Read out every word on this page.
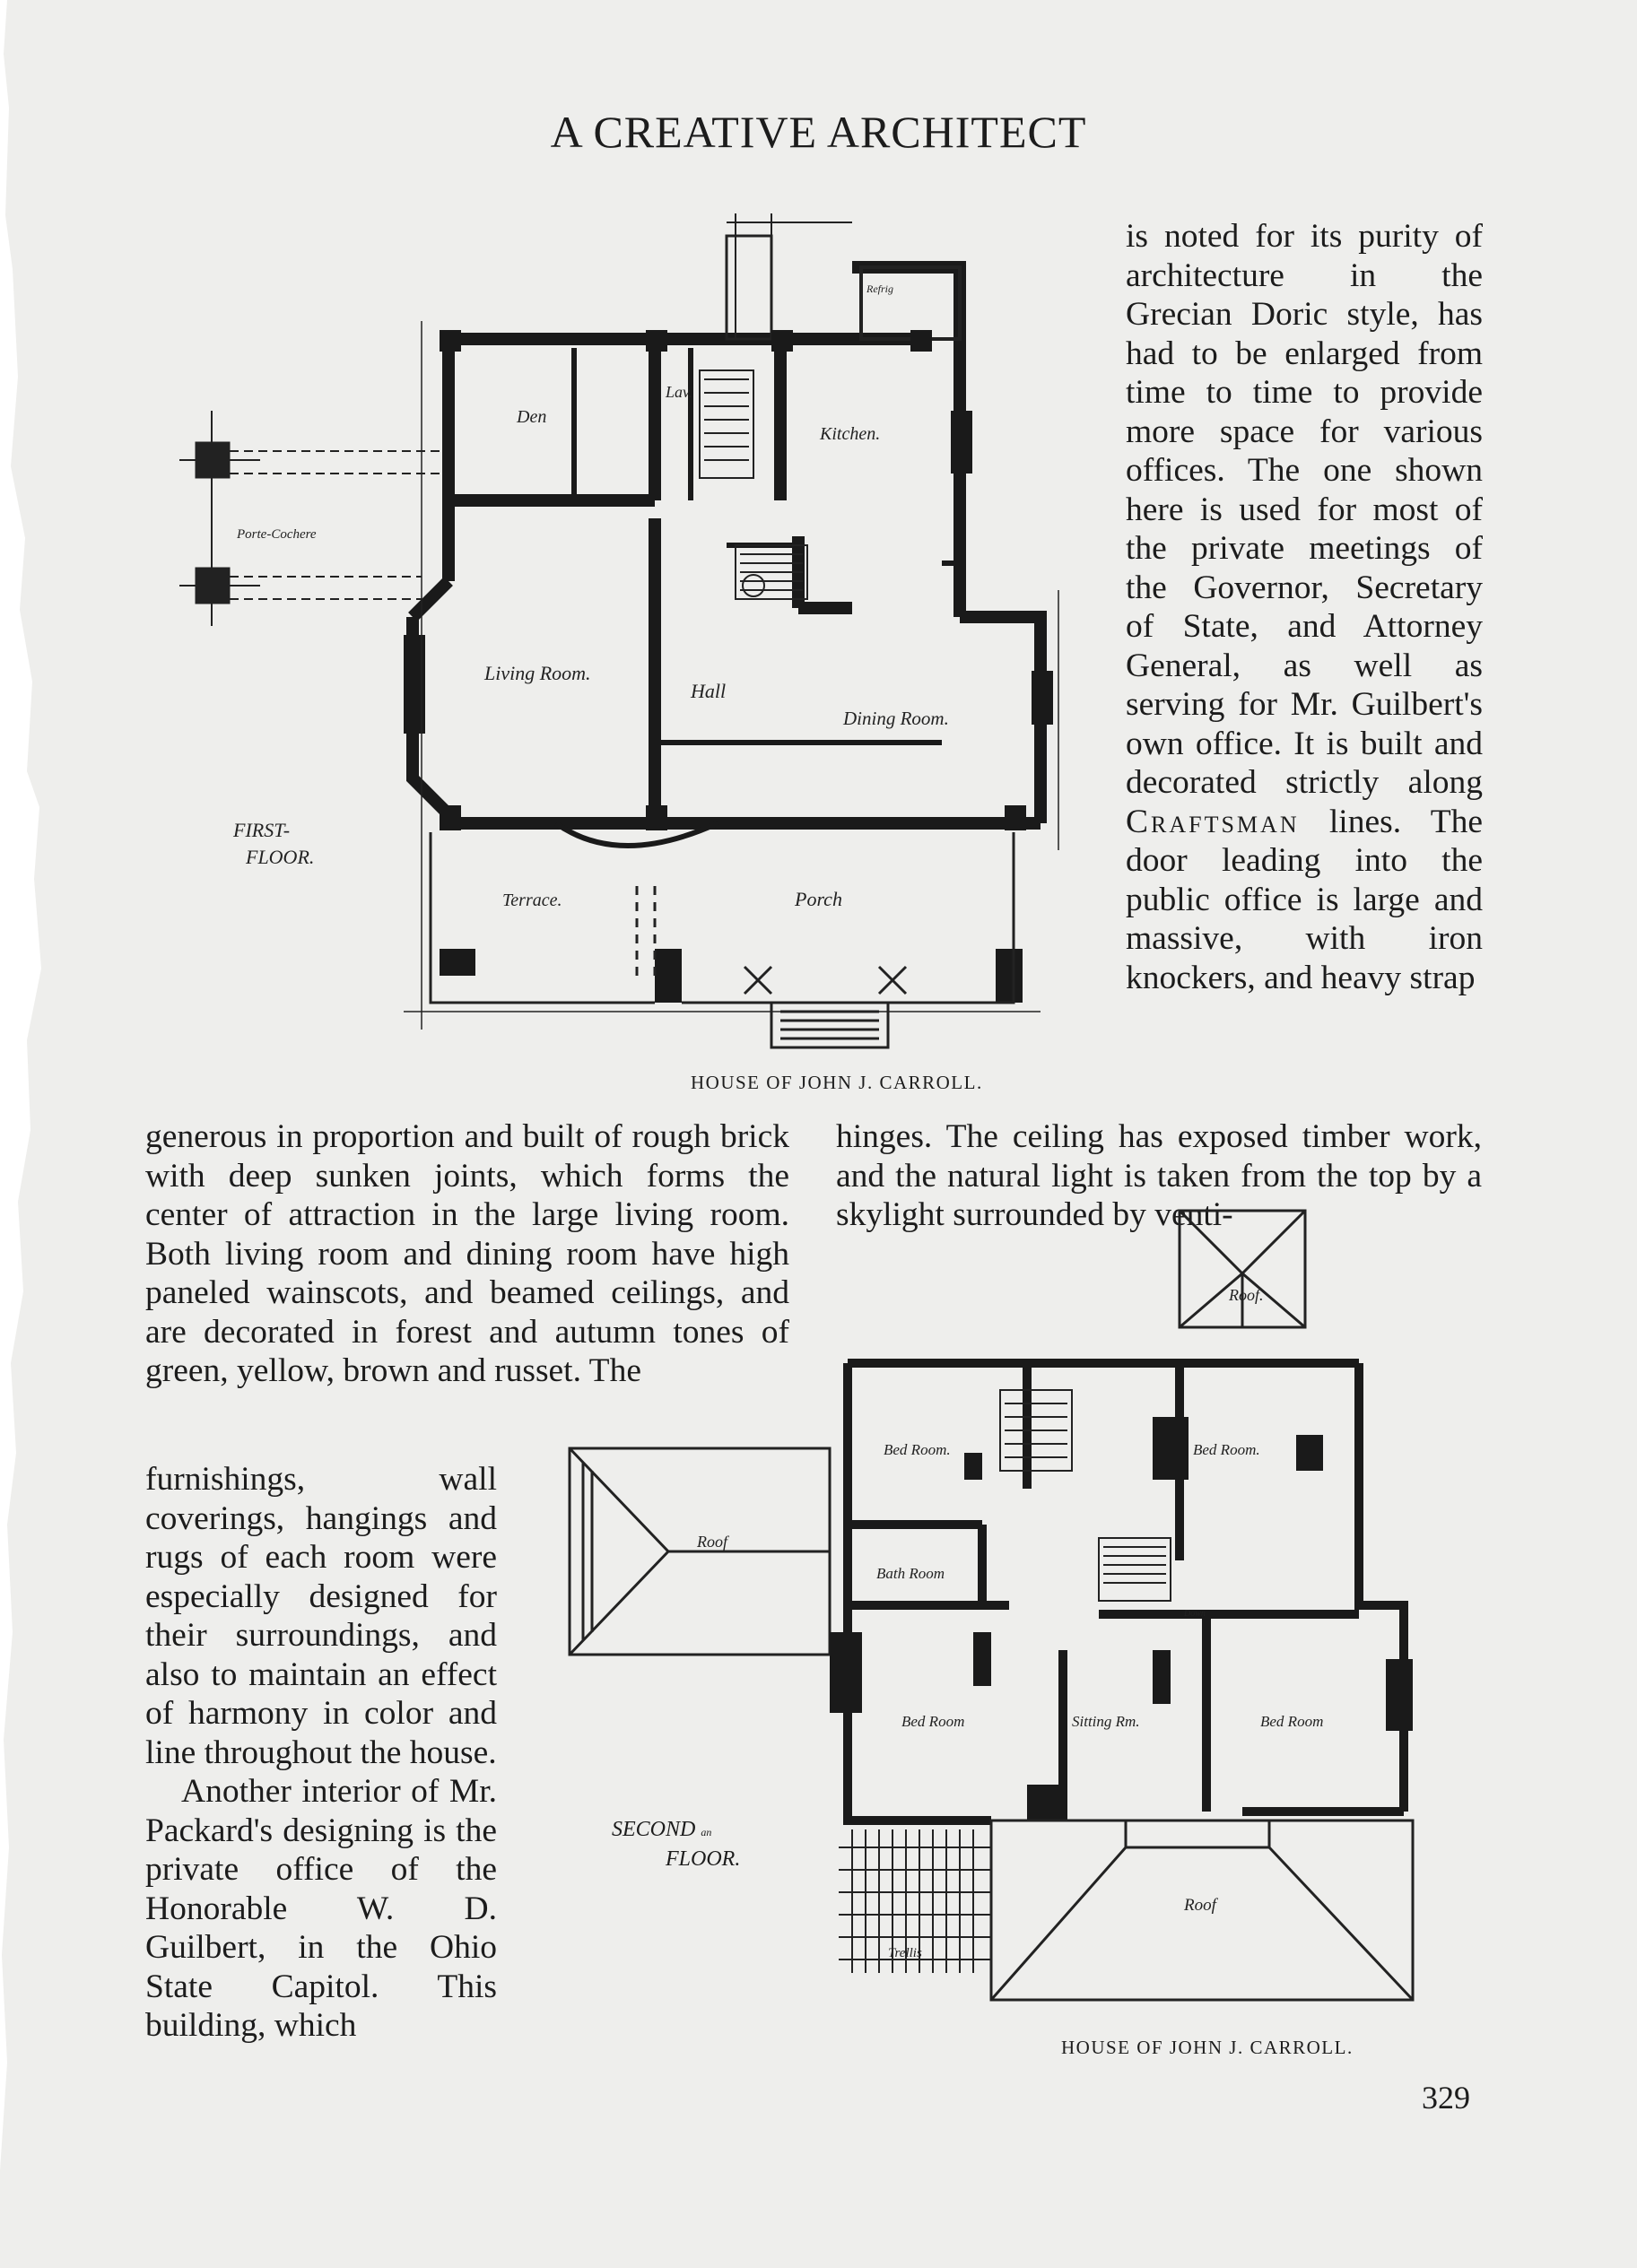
A CREATIVE ARCHITECT
Den
Lav.
Kitchen.
Refrig
Porte-Cochere
Living Room.
Hall
Dining Room.
Terrace.	Porch
FIRST-
FLOOR.
HOUSE OF JOHN J. CARROLL.

is noted for its purity of architecture in the Grecian Doric style, has had to be enlarged from time to time to provide more space for various offices. The one shown here is used for most of the private meetings of the Governor, Secretary of State, and Attorney General, as well as serving for Mr. Guilbert's own office. It is built and decorated strictly along Craftsman lines. The door leading into the public office is large and massive, with iron knockers, and heavy strap

generous in proportion and built of rough brick with deep sunken joints, which forms the center of attraction in the large living room. Both living room and dining room have high paneled wainscots, and beamed ceilings, and are decorated in forest and autumn tones of green, yellow, brown and russet. The

hinges. The ceiling has exposed timber work, and the natural light is taken from the top by a skylight surrounded by venti-

Roof.
Bed Room.	Bed Room.
Roof
Bath Room
Down
Bed Room	Sitting Rm.	Bed Room
Trellis
Roof
SECOND an
FLOOR.
HOUSE OF JOHN J. CARROLL.

furnishings, wall coverings, hangings and rugs of each room were especially designed for their surroundings, and also to maintain an effect of harmony in color and line throughout the house.

Another interior of Mr. Packard's designing is the private office of the Honorable W. D. Guilbert, in the Ohio State Capitol. This building, which

329
